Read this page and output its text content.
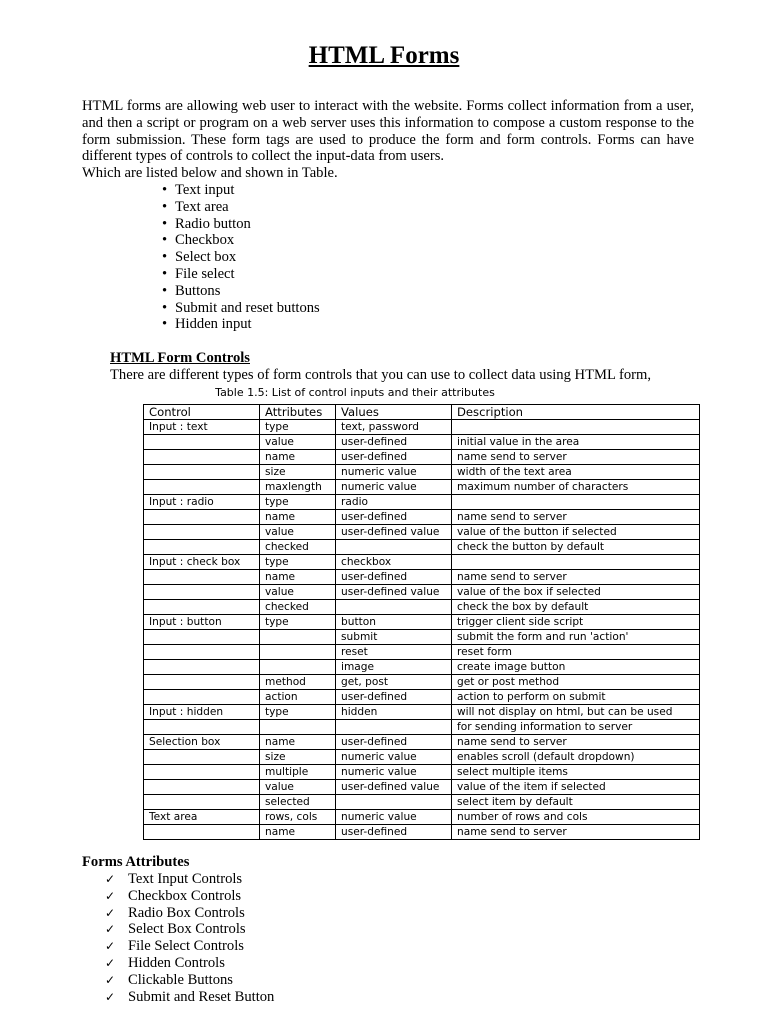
HTML Forms

HTML forms are allowing web user to interact with the website. Forms collect information from a user, and then a script or program on a web server uses this information to compose a custom response to the form submission. These form tags are used to produce the form and form controls. Forms can have different types of controls to collect the input-data from users.

Which are listed below and shown in Table.

• Text input
• Text area
• Radio button
• Checkbox
• Select box
• File select
• Buttons
• Submit and reset buttons
• Hidden input
HTML Form Controls

There are different types of form controls that you can use to collect data using HTML form,

Table 1.5: List of control inputs and their attributes

Control	Attributes	Values	Description
Input : text	type	text, password	
	value	user-defined	initial value in the area
	name	user-defined	name send to server
	size	numeric value	width of the text area
	maxlength	numeric value	maximum number of characters
Input : radio	type	radio	
	name	user-defined	name send to server
	value	user-defined value	value of the button if selected
	checked		check the button by default
Input : check box	type	checkbox	
	name	user-defined	name send to server
	value	user-defined value	value of the box if selected
	checked		check the box by default
Input : button	type	button	trigger client side script
		submit	submit the form and run 'action'
		reset	reset form
		image	create image button
	method	get, post	get or post method
	action	user-defined	action to perform on submit
Input : hidden	type	hidden	will not display on html, but can be used
			for sending information to server
Selection box	name	user-defined	name send to server
	size	numeric value	enables scroll (default dropdown)
	multiple	numeric value	select multiple items
	value	user-defined value	value of the item if selected
	selected		select item by default
Text area	rows, cols	numeric value	number of rows and cols
	name	user-defined	name send to server
Forms Attributes
✓ Text Input Controls
✓ Checkbox Controls
✓ Radio Box Controls
✓ Select Box Controls
✓ File Select Controls
✓ Hidden Controls
✓ Clickable Buttons
✓ Submit and Reset Button
